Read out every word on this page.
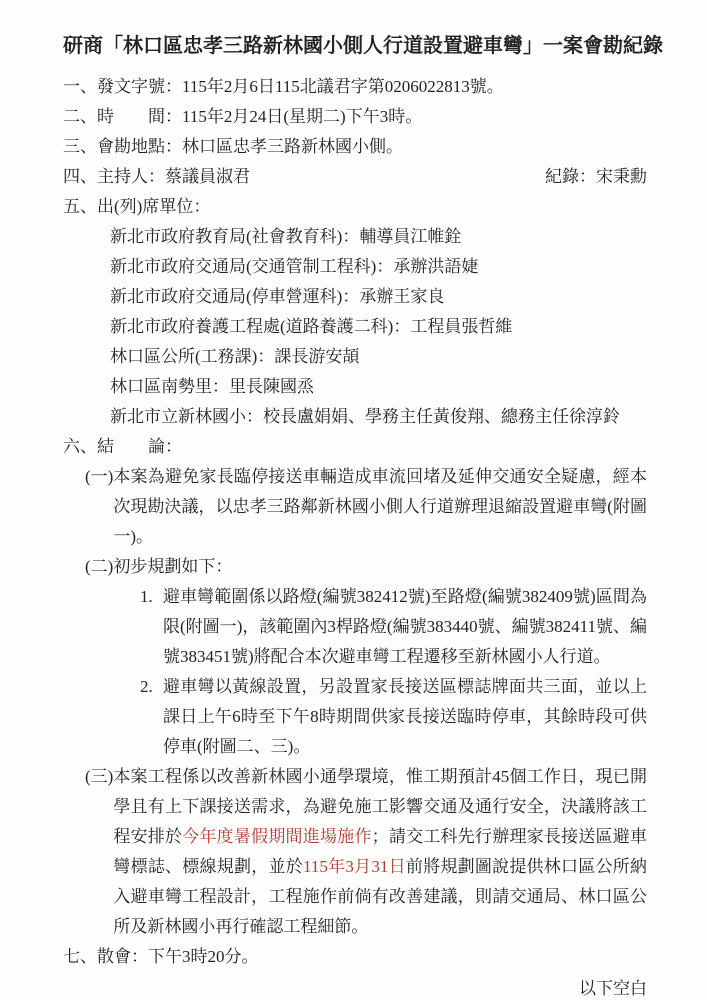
研商「林口區忠孝三路新林國小側人行道設置避車彎」一案會勘紀錄
一、發文字號：115年2月6日115北議君字第0206022813號。
二、時　　間：115年2月24日(星期二)下午3時。
三、會勘地點：林口區忠孝三路新林國小側。
四、主持人：蔡議員淑君	紀錄：宋秉勳
五、出(列)席單位：
新北市政府教育局(社會教育科)：輔導員江帷銓
新北市政府交通局(交通管制工程科)：承辦洪語婕
新北市政府交通局(停車營運科)：承辦王家良
新北市政府養護工程處(道路養護二科)：工程員張哲維
林口區公所(工務課)：課長游安頡
林口區南勢里：里長陳國烝
新北市立新林國小：校長盧娟娟、學務主任黃俊翔、總務主任徐淳鈴
六、結　　論：
(一) 本案為避免家長臨停接送車輛造成車流回堵及延伸交通安全疑慮，經本次現勘決議，以忠孝三路鄰新林國小側人行道辦理退縮設置避車彎(附圖一)。
(二) 初步規劃如下：
1. 避車彎範圍係以路燈(編號382412號)至路燈(編號382409號)區間為限(附圖一)，該範圍內3桿路燈(編號383440號、編號382411號、編號383451號)將配合本次避車彎工程遷移至新林國小人行道。
2. 避車彎以黃線設置，另設置家長接送區標誌牌面共三面，並以上課日上午6時至下午8時期間供家長接送臨時停車，其餘時段可供停車(附圖二、三)。
(三) 本案工程係以改善新林國小通學環境，惟工期預計45個工作日，現已開學且有上下課接送需求，為避免施工影響交通及通行安全，決議將該工程安排於今年度暑假期間進場施作；請交工科先行辦理家長接送區避車彎標誌、標線規劃，並於115年3月31日前將規劃圖說提供林口區公所納入避車彎工程設計，工程施作前倘有改善建議，則請交通局、林口區公所及新林國小再行確認工程細節。
七、散會：下午3時20分。
以下空白
